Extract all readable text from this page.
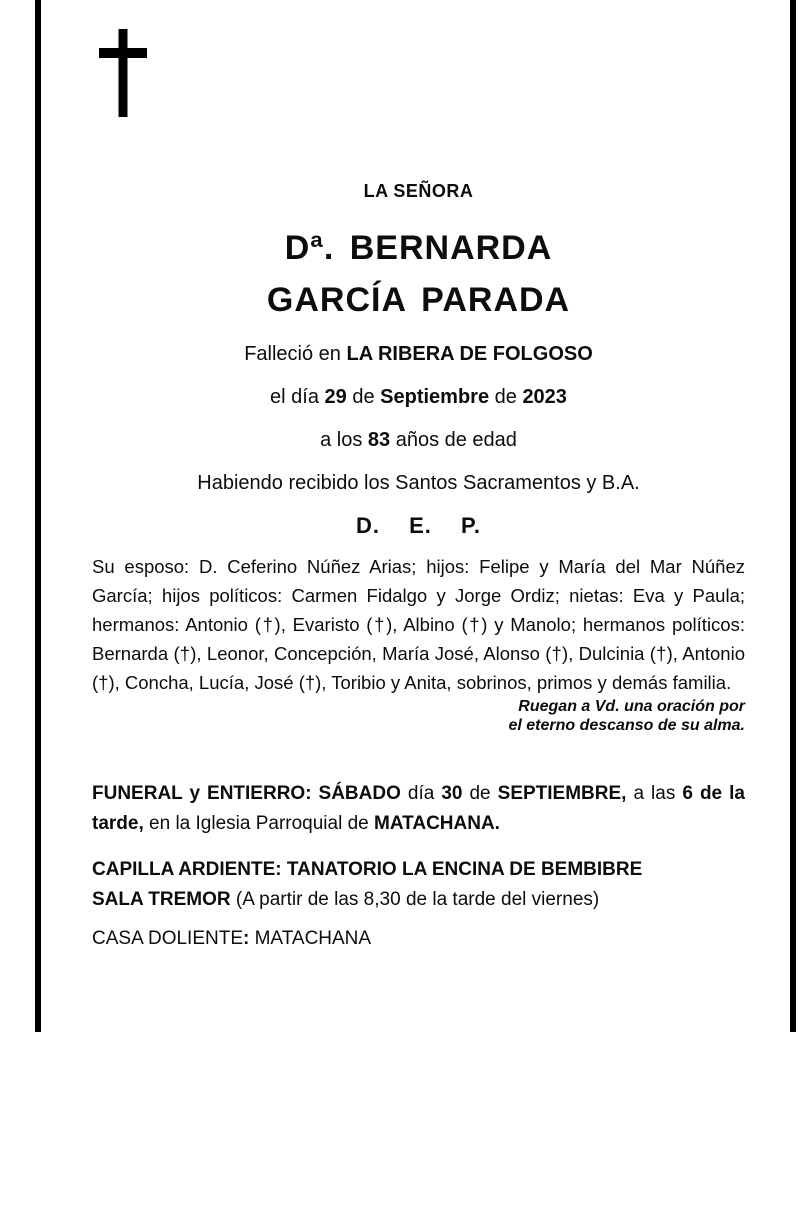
LA SEÑORA
Dª. BERNARDA
GARCÍA PARADA

Falleció en LA RIBERA DE FOLGOSO

el día 29 de Septiembre de 2023

a los 83 años de edad

Habiendo recibido los Santos Sacramentos y B.A.

D. E. P.

Su esposo: D. Ceferino Núñez Arias; hijos: Felipe y María del Mar Núñez García; hijos políticos: Carmen Fidalgo y Jorge Ordiz; nietas: Eva y Paula; hermanos: Antonio (†), Evaristo (†), Albino (†) y Manolo; hermanos políticos: Bernarda (†), Leonor, Concepción, María José, Alonso (†), Dulcinia (†), Antonio (†), Concha, Lucía, José (†), Toribio y Anita, sobrinos, primos y demás familia.

Ruegan a Vd. una oración por
el eterno descanso de su alma.

FUNERAL y ENTIERRO: SÁBADO día 30 de SEPTIEMBRE, a las 6 de la tarde, en la Iglesia Parroquial de MATACHANA.

CAPILLA ARDIENTE: TANATORIO LA ENCINA DE BEMBIBRE
SALA TREMOR (A partir de las 8,30 de la tarde del viernes)

CASA DOLIENTE: MATACHANA
